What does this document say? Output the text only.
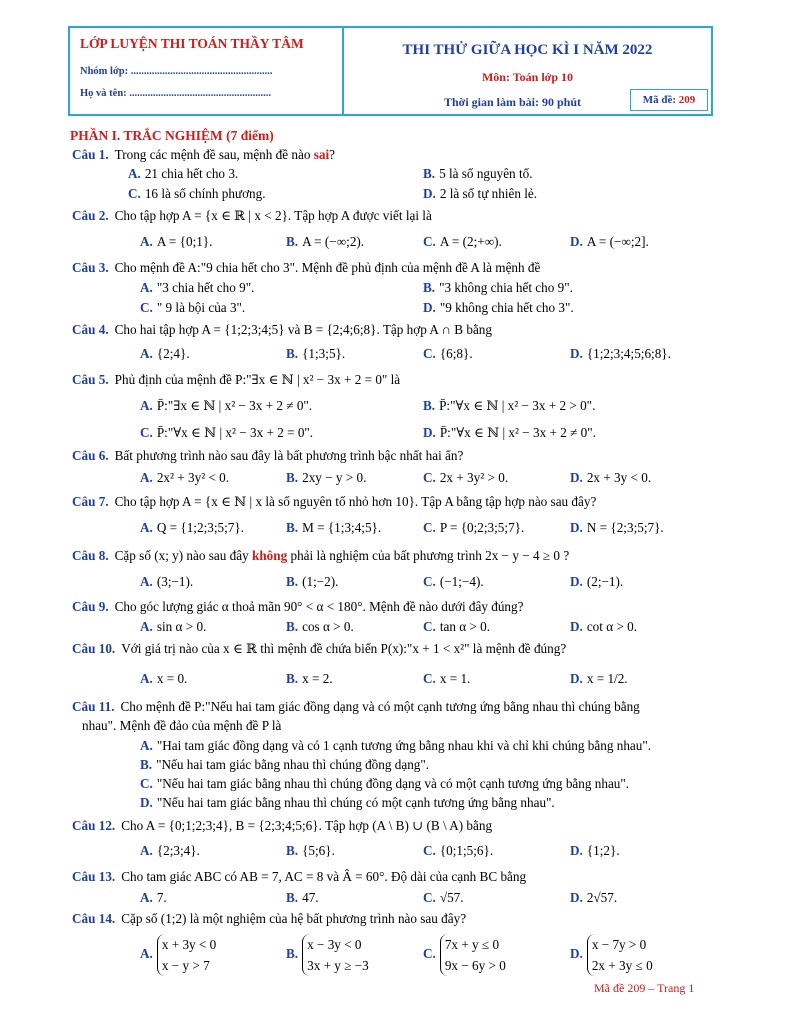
LỚP LUYỆN THI TOÁN THẦY TÂM
Nhóm lớp: ......................................................
Họ và tên: ......................................................
THI THỬ GIỮA HỌC KÌ I NĂM 2022
Môn: Toán lớp 10
Thời gian làm bài: 90 phút	Mã đề: 209
PHẦN I. TRẮC NGHIỆM (7 điểm)
Câu 1. Trong các mệnh đề sau, mệnh đề nào sai?
A. 21 chia hết cho 3.	B. 5 là số nguyên tố.
C. 16 là số chính phương.	D. 2 là số tự nhiên lẻ.
Câu 2. Cho tập hợp A = {x ∈ ℝ | x < 2}. Tập hợp A được viết lại là
A. A = {0;1}.	B. A = (−∞;2).	C. A = (2;+∞).	D. A = (−∞;2].
Câu 3. Cho mệnh đề A:"9 chia hết cho 3". Mệnh đề phủ định của mệnh đề A là mệnh đề
A. "3 chia hết cho 9".	B. "3 không chia hết cho 9".
C. " 9 là bội của 3".	D. "9 không chia hết cho 3".
Câu 4. Cho hai tập hợp A = {1;2;3;4;5} và B = {2;4;6;8}. Tập hợp A ∩ B bằng
A. {2;4}.	B. {1;3;5}.	C. {6;8}.	D. {1;2;3;4;5;6;8}.
Câu 5. Phủ định của mệnh đề P:"∃x ∈ ℕ | x² − 3x + 2 = 0" là
A. P̄:"∃x ∈ ℕ | x² − 3x + 2 ≠ 0".	B. P̄:"∀x ∈ ℕ | x² − 3x + 2 > 0".
C. P̄:"∀x ∈ ℕ | x² − 3x + 2 = 0".	D. P̄:"∀x ∈ ℕ | x² − 3x + 2 ≠ 0".
Câu 6. Bất phương trình nào sau đây là bất phương trình bậc nhất hai ẩn?
A. 2x² + 3y² < 0.	B. 2xy − y > 0.	C. 2x + 3y² > 0.	D. 2x + 3y < 0.
Câu 7. Cho tập hợp A = {x ∈ ℕ | x là số nguyên tố nhỏ hơn 10}. Tập A bằng tập hợp nào sau đây?
A. Q = {1;2;3;5;7}.	B. M = {1;3;4;5}.	C. P = {0;2;3;5;7}.	D. N = {2;3;5;7}.
Câu 8. Cặp số (x; y) nào sau đây không phải là nghiệm của bất phương trình 2x − y − 4 ≥ 0 ?
A. (3;−1).	B. (1;−2).	C. (−1;−4).	D. (2;−1).
Câu 9. Cho góc lượng giác α thoả mãn 90° < α < 180°. Mệnh đề nào dưới đây đúng?
A. sin α > 0.	B. cos α > 0.	C. tan α > 0.	D. cot α > 0.
Câu 10. Với giá trị nào của x ∈ ℝ thì mệnh đề chứa biến P(x):"x + 1 < x²" là mệnh đề đúng?
A. x = 0.	B. x = 2.	C. x = 1.	D. x = 1/2.
Câu 11. Cho mệnh đề P:"Nếu hai tam giác đồng dạng và có một cạnh tương ứng bằng nhau thì chúng bằng
nhau". Mệnh đề đảo của mệnh đề P là
A. "Hai tam giác đồng dạng và có 1 cạnh tương ứng bằng nhau khi và chỉ khi chúng bằng nhau".
B. "Nếu hai tam giác bằng nhau thì chúng đồng dạng".
C. "Nếu hai tam giác bằng nhau thì chúng đồng dạng và có một cạnh tương ứng bằng nhau".
D. "Nếu hai tam giác bằng nhau thì chúng có một cạnh tương ứng bằng nhau".
Câu 12. Cho A = {0;1;2;3;4}, B = {2;3;4;5;6}. Tập hợp (A \ B) ∪ (B \ A) bằng
A. {2;3;4}.	B. {5;6}.	C. {0;1;5;6}.	D. {1;2}.
Câu 13. Cho tam giác ABC có AB = 7, AC = 8 và Â = 60°. Độ dài của cạnh BC bằng
A. 7.	B. 47.	C. √57.	D. 2√57.
Câu 14. Cặp số (1;2) là một nghiệm của hệ bất phương trình nào sau đây?
A.x + 3y < 0
x − y > 7
B.x − 3y < 0
3x + y ≥ −3
C.7x + y ≤ 0
9x − 6y > 0
D.x − 7y > 0
2x + 3y ≤ 0
Mã đề 209 – Trang 1
